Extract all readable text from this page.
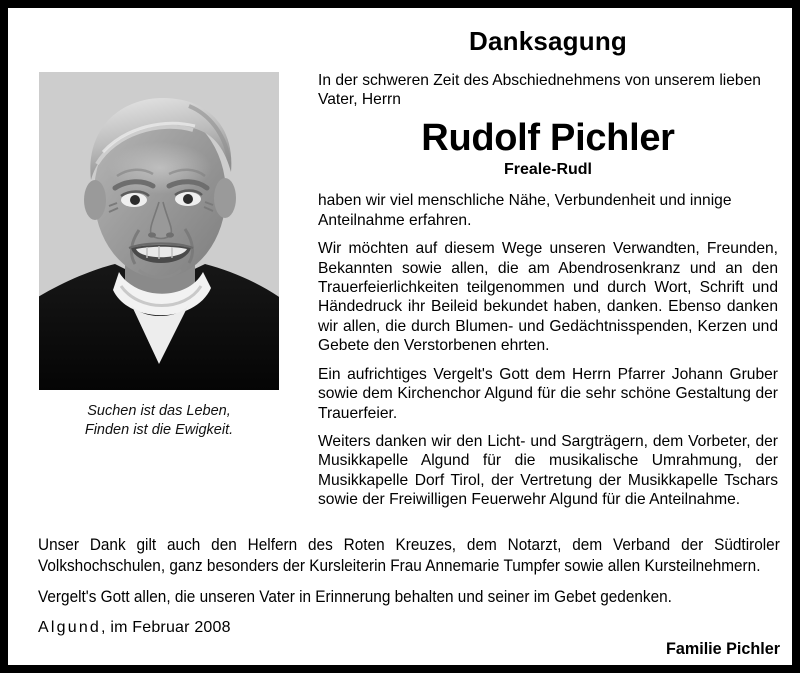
Suchen ist das Leben,
Finden ist die Ewigkeit.
Danksagung

In der schweren Zeit des Abschiednehmens von unserem lieben Vater, Herrn

Rudolf Pichler
Freale-Rudl

haben wir viel menschliche Nähe, Verbundenheit und innige Anteilnahme erfahren.

Wir möchten auf diesem Wege unseren Verwandten, Freunden, Bekannten sowie allen, die am Abendrosenkranz und an den Trauerfeierlichkeiten teilgenommen und durch Wort, Schrift und Händedruck ihr Beileid bekundet haben, danken. Ebenso danken wir allen, die durch Blumen- und Gedächtnisspenden, Kerzen und Gebete den Verstorbenen ehrten.

Ein aufrichtiges Vergelt's Gott dem Herrn Pfarrer Johann Gruber sowie dem Kirchenchor Algund für die sehr schöne Gestaltung der Trauerfeier.

Weiters danken wir den Licht- und Sargträgern, dem Vorbeter, der Musikkapelle Algund für die musikalische Umrahmung, der Musikkapelle Dorf Tirol, der Vertretung der Musikkapelle Tschars sowie der Freiwilligen Feuerwehr Algund für die Anteilnahme.

Unser Dank gilt auch den Helfern des Roten Kreuzes, dem Notarzt, dem Verband der Südtiroler Volkshochschulen, ganz besonders der Kursleiterin Frau Annemarie Tumpfer sowie allen Kursteilnehmern.

Vergelt's Gott allen, die unseren Vater in Erinnerung behalten und seiner im Gebet gedenken.

Algund, im Februar 2008
Familie Pichler
